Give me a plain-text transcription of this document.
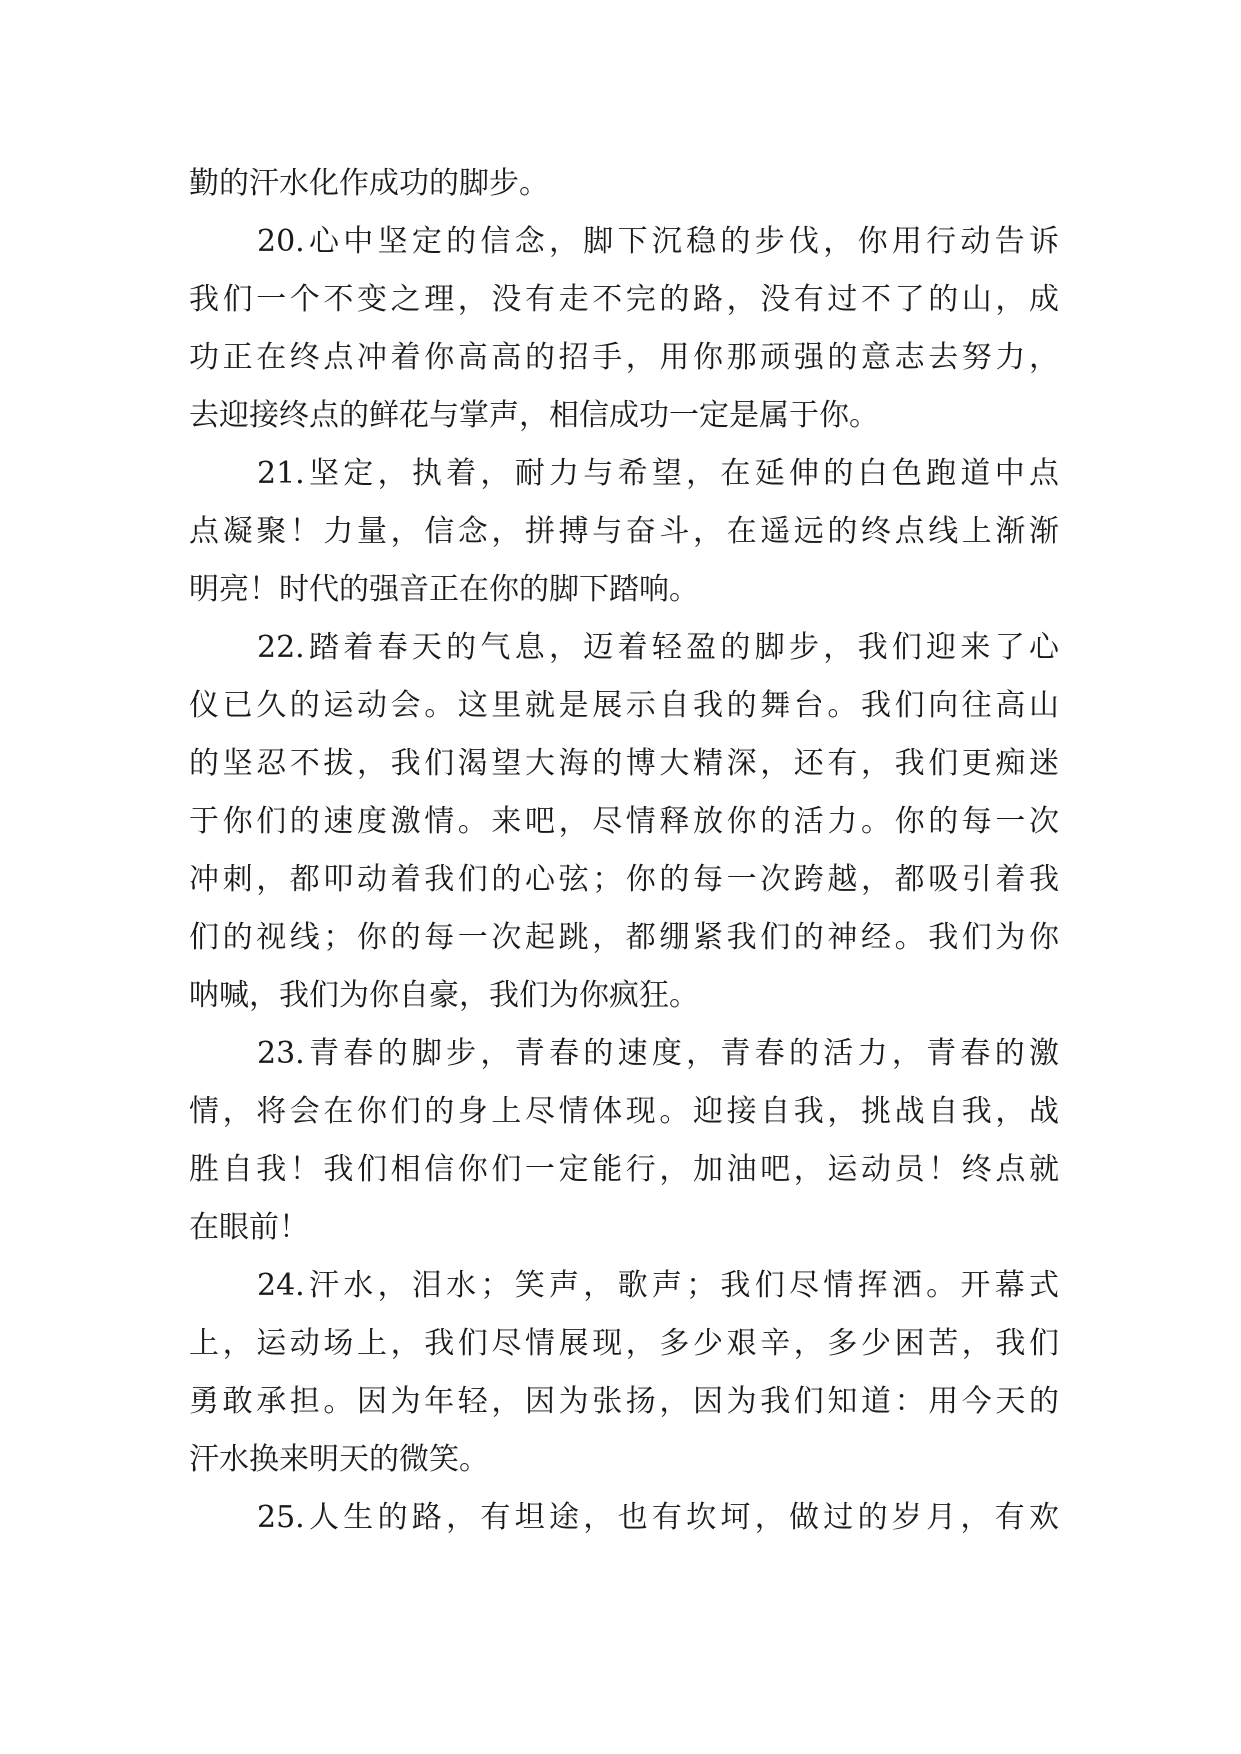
勤的汗水化作成功的脚步。
20.心中坚定的信念，脚下沉稳的步伐，你用行动告诉
我们一个不变之理，没有走不完的路，没有过不了的山，成
功正在终点冲着你高高的招手，用你那顽强的意志去努力，
去迎接终点的鲜花与掌声，相信成功一定是属于你。
21.坚定，执着，耐力与希望，在延伸的白色跑道中点
点凝聚！力量，信念，拼搏与奋斗，在遥远的终点线上渐渐
明亮！时代的强音正在你的脚下踏响。
22.踏着春天的气息，迈着轻盈的脚步，我们迎来了心
仪已久的运动会。这里就是展示自我的舞台。我们向往高山
的坚忍不拔，我们渴望大海的博大精深，还有，我们更痴迷
于你们的速度激情。来吧，尽情释放你的活力。你的每一次
冲刺，都叩动着我们的心弦；你的每一次跨越，都吸引着我
们的视线；你的每一次起跳，都绷紧我们的神经。我们为你
呐喊，我们为你自豪，我们为你疯狂。
23.青春的脚步，青春的速度，青春的活力，青春的激
情，将会在你们的身上尽情体现。迎接自我，挑战自我，战
胜自我！我们相信你们一定能行，加油吧，运动员！终点就
在眼前！
24.汗水，泪水；笑声，歌声；我们尽情挥洒。开幕式
上，运动场上，我们尽情展现，多少艰辛，多少困苦，我们
勇敢承担。因为年轻，因为张扬，因为我们知道：用今天的
汗水换来明天的微笑。
25.人生的路，有坦途，也有坎坷，做过的岁月，有欢
